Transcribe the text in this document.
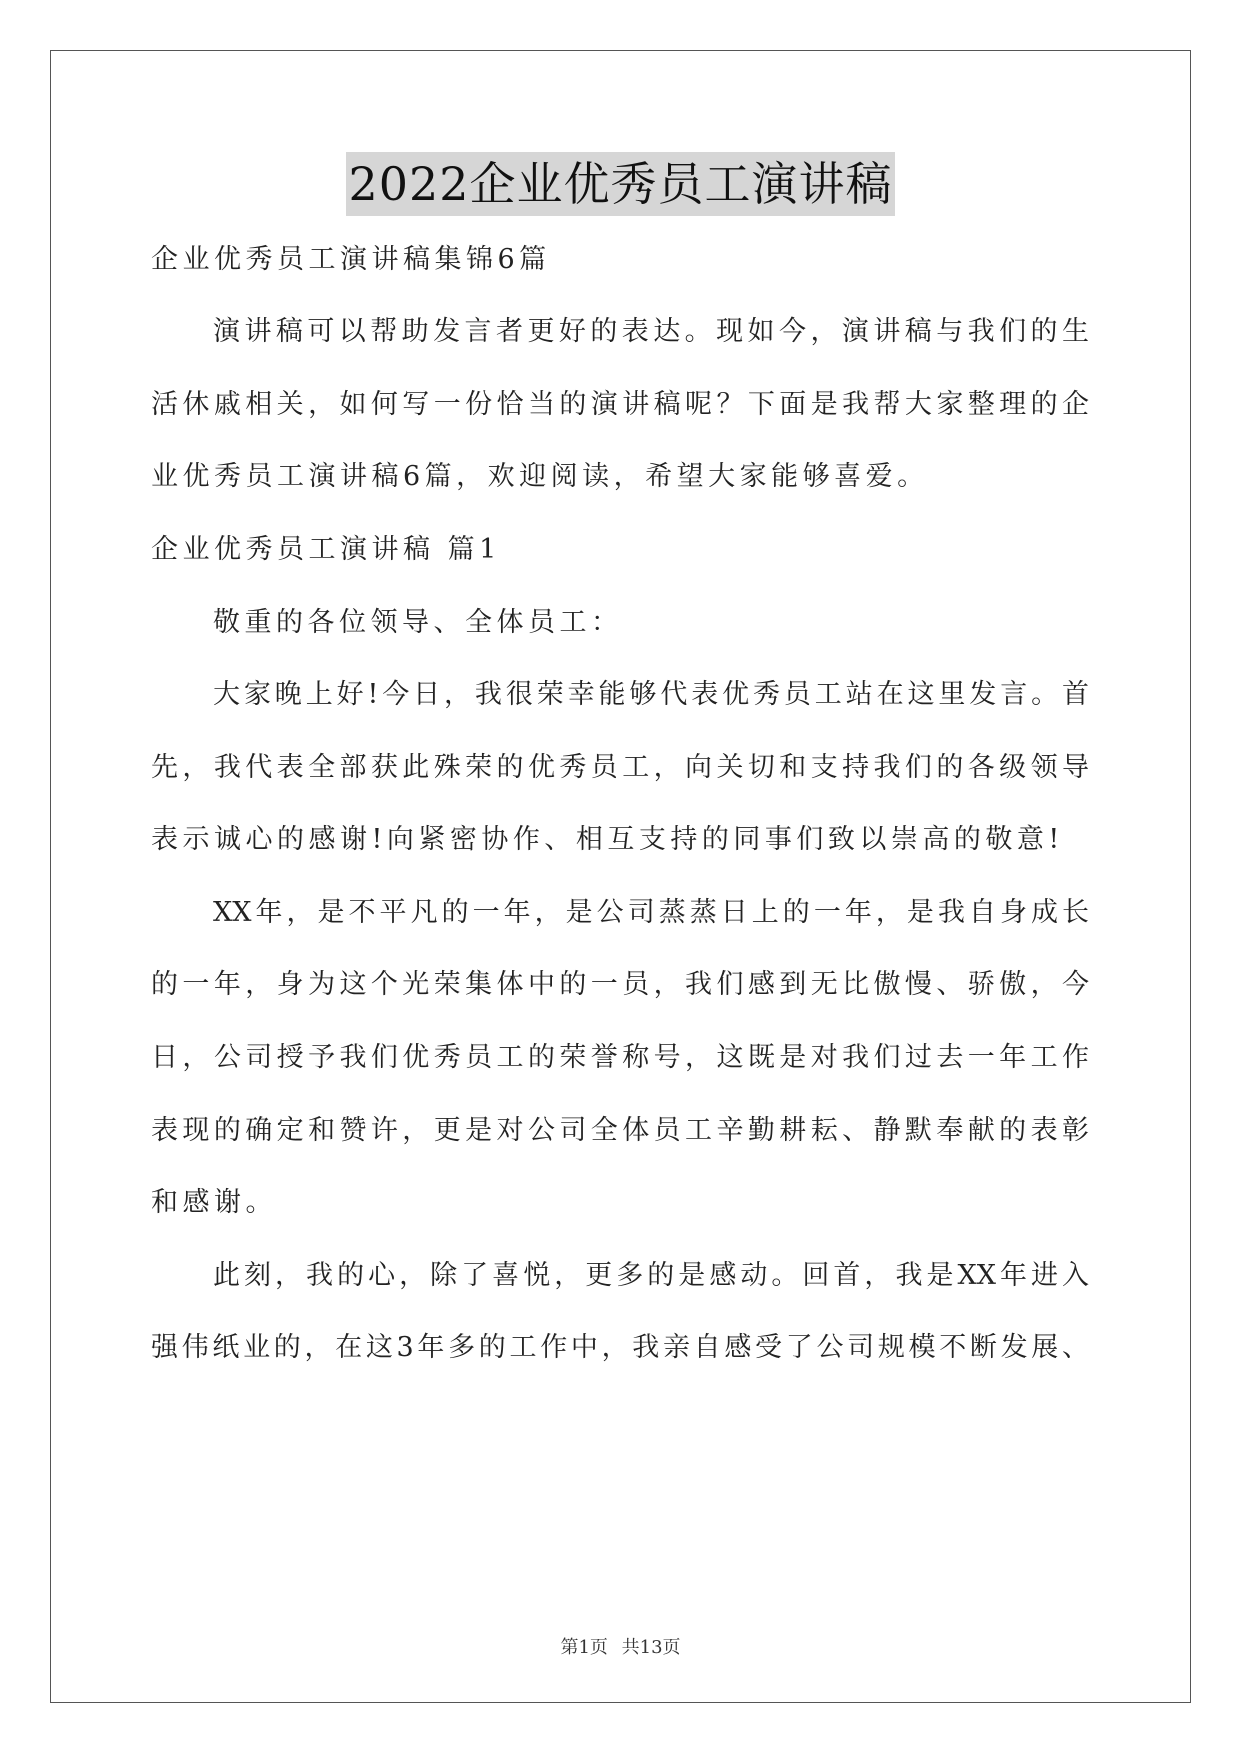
2022企业优秀员工演讲稿
企业优秀员工演讲稿集锦6篇
演讲稿可以帮助发言者更好的表达。现如今，演讲稿与我们的生
活休戚相关，如何写一份恰当的演讲稿呢？下面是我帮大家整理的企
业优秀员工演讲稿6篇，欢迎阅读，希望大家能够喜爱。
企业优秀员工演讲稿 篇1
敬重的各位领导、全体员工：
大家晚上好!今日，我很荣幸能够代表优秀员工站在这里发言。首
先，我代表全部获此殊荣的优秀员工，向关切和支持我们的各级领导
表示诚心的感谢!向紧密协作、相互支持的同事们致以崇高的敬意!
XX年，是不平凡的一年，是公司蒸蒸日上的一年，是我自身成长
的一年，身为这个光荣集体中的一员，我们感到无比傲慢、骄傲，今
日，公司授予我们优秀员工的荣誉称号，这既是对我们过去一年工作
表现的确定和赞许，更是对公司全体员工辛勤耕耘、静默奉献的表彰
和感谢。
此刻，我的心，除了喜悦，更多的是感动。回首，我是XX年进入
强伟纸业的，在这3年多的工作中，我亲自感受了公司规模不断发展、
第1页 共13页
